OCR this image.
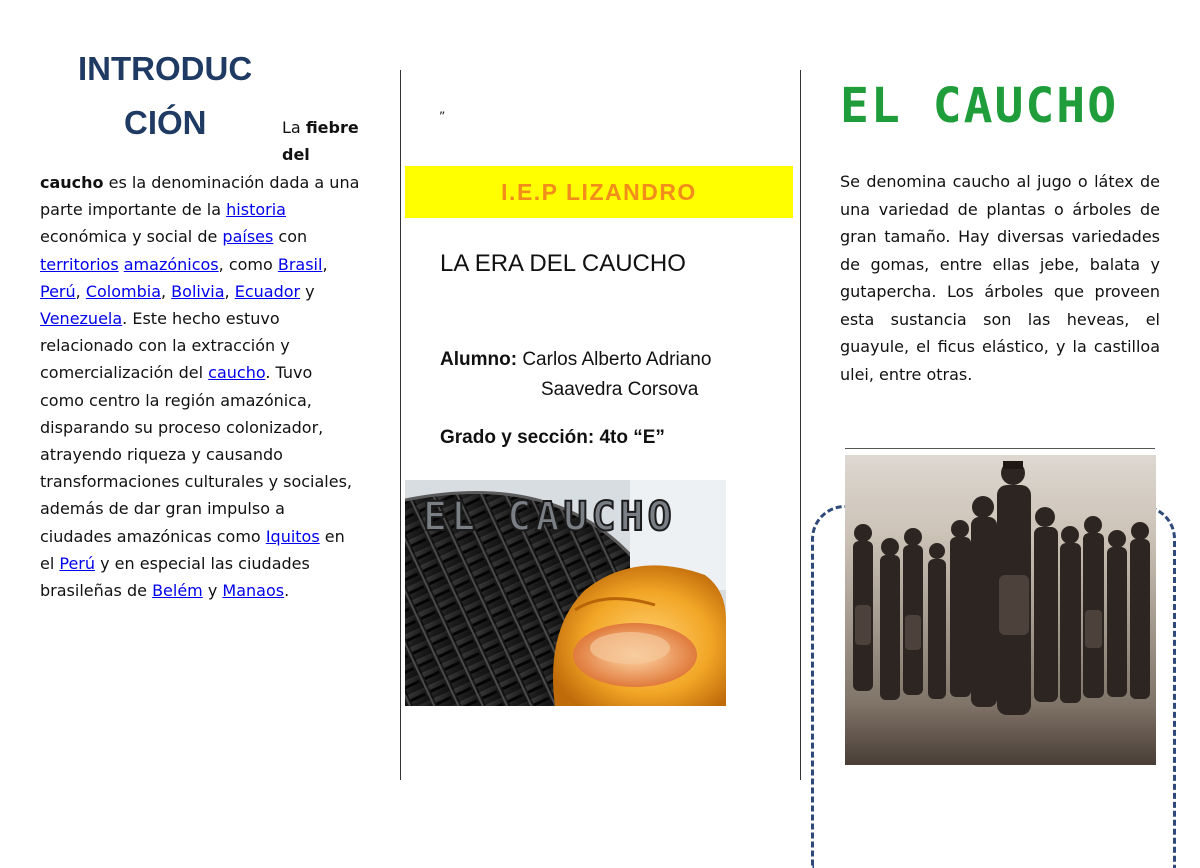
INTRODUC
CIÓN	La fiebre
del
caucho es la denominación dada a una parte importante de la historia económica y social de países con territorios amazónicos, como Brasil, Perú, Colombia, Bolivia, Ecuador y Venezuela. Este hecho estuvo relacionado con la extracción y comercialización del caucho. Tuvo como centro la región amazónica, disparando su proceso colonizador, atrayendo riqueza y causando transformaciones culturales y sociales, además de dar gran impulso a ciudades amazónicas como Iquitos en el Perú y en especial las ciudades brasileñas de Belém y Manaos.
„
I.E.P LIZANDRO
LA ERA DEL CAUCHO
Alumno: Carlos Alberto Adriano
Saavedra Corsova
Grado y sección: 4to “E”
EL CAUCHO
EL CAUCHO
Se denomina caucho al jugo o látex de una variedad de plantas o árboles de gran tamaño. Hay diversas variedades de gomas, entre ellas jebe, balata y gutapercha. Los árboles que proveen esta sustancia son las heveas, el guayule, el ficus elástico, y la castilloa ulei, entre otras.
